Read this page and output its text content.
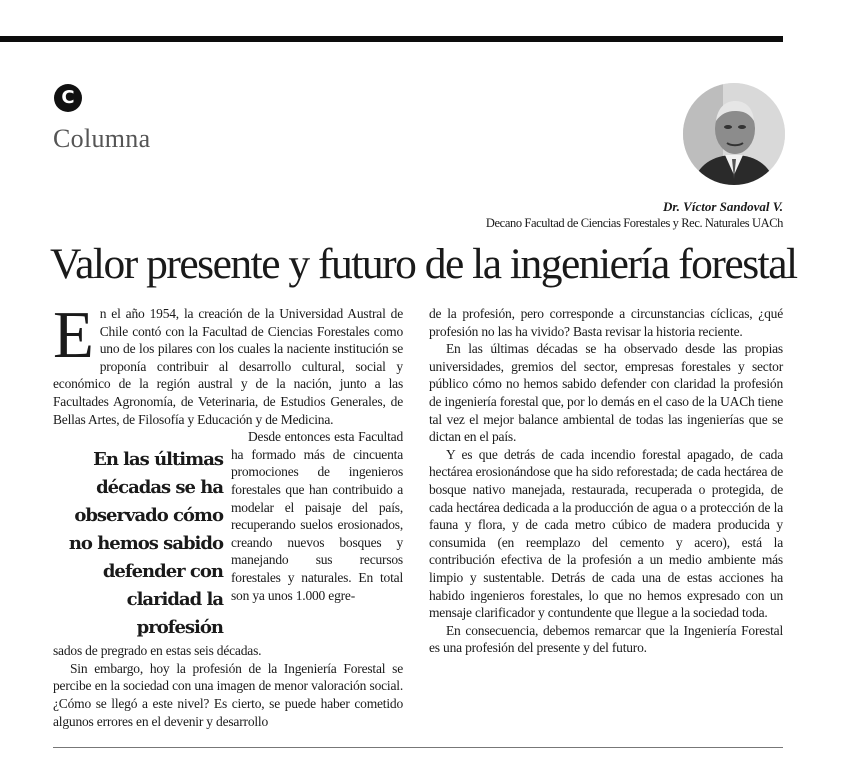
C
Columna
Dr. Víctor Sandoval V.
Decano Facultad de Ciencias Forestales y Rec. Naturales UACh
Valor presente y futuro de la ingeniería forestal

En el año 1954, la creación de la Universidad Austral de Chile contó con la Facultad de Ciencias Forestales como uno de los pilares con los cuales la naciente institución se proponía contribuir al desarrollo cultural, social y económico de la región austral y de la nación, junto a las Facultades Agronomía, de Veterinaria, de Estudios Generales, de Bellas Artes, de Filosofía y Educación y de Medicina.

En las últimas décadas se ha observado cómo no hemos sabido defender con claridad la profesión

Desde entonces esta Facultad ha formado más de cincuenta promociones de ingenieros forestales que han contribuido a modelar el paisaje del país, recuperando suelos erosionados, creando nuevos bosques y manejando sus recursos forestales y naturales. En total son ya unos 1.000 egre-

sados de pregrado en estas seis décadas.

Sin embargo, hoy la profesión de la Ingeniería Forestal se percibe en la sociedad con una imagen de menor valoración social. ¿Cómo se llegó a este nivel? Es cierto, se puede haber cometido algunos errores en el devenir y desarrollo

de la profesión, pero corresponde a circunstancias cíclicas, ¿qué profesión no las ha vivido? Basta revisar la historia reciente.

En las últimas décadas se ha observado desde las propias universidades, gremios del sector, empresas forestales y sector público cómo no hemos sabido defender con claridad la profesión de ingeniería forestal que, por lo demás en el caso de la UACh tiene tal vez el mejor balance ambiental de todas las ingenierías que se dictan en el país.

Y es que detrás de cada incendio forestal apagado, de cada hectárea erosionándose que ha sido reforestada; de cada hectárea de bosque nativo manejada, restaurada, recuperada o protegida, de cada hectárea dedicada a la producción de agua o a protección de la fauna y flora, y de cada metro cúbico de madera producida y consumida (en reemplazo del cemento y acero), está la contribución efectiva de la profesión a un medio ambiente más limpio y sustentable. Detrás de cada una de estas acciones ha habido ingenieros forestales, lo que no hemos expresado con un mensaje clarificador y contundente que llegue a la sociedad toda.

En consecuencia, debemos remarcar que la Ingeniería Forestal es una profesión del presente y del futuro.
